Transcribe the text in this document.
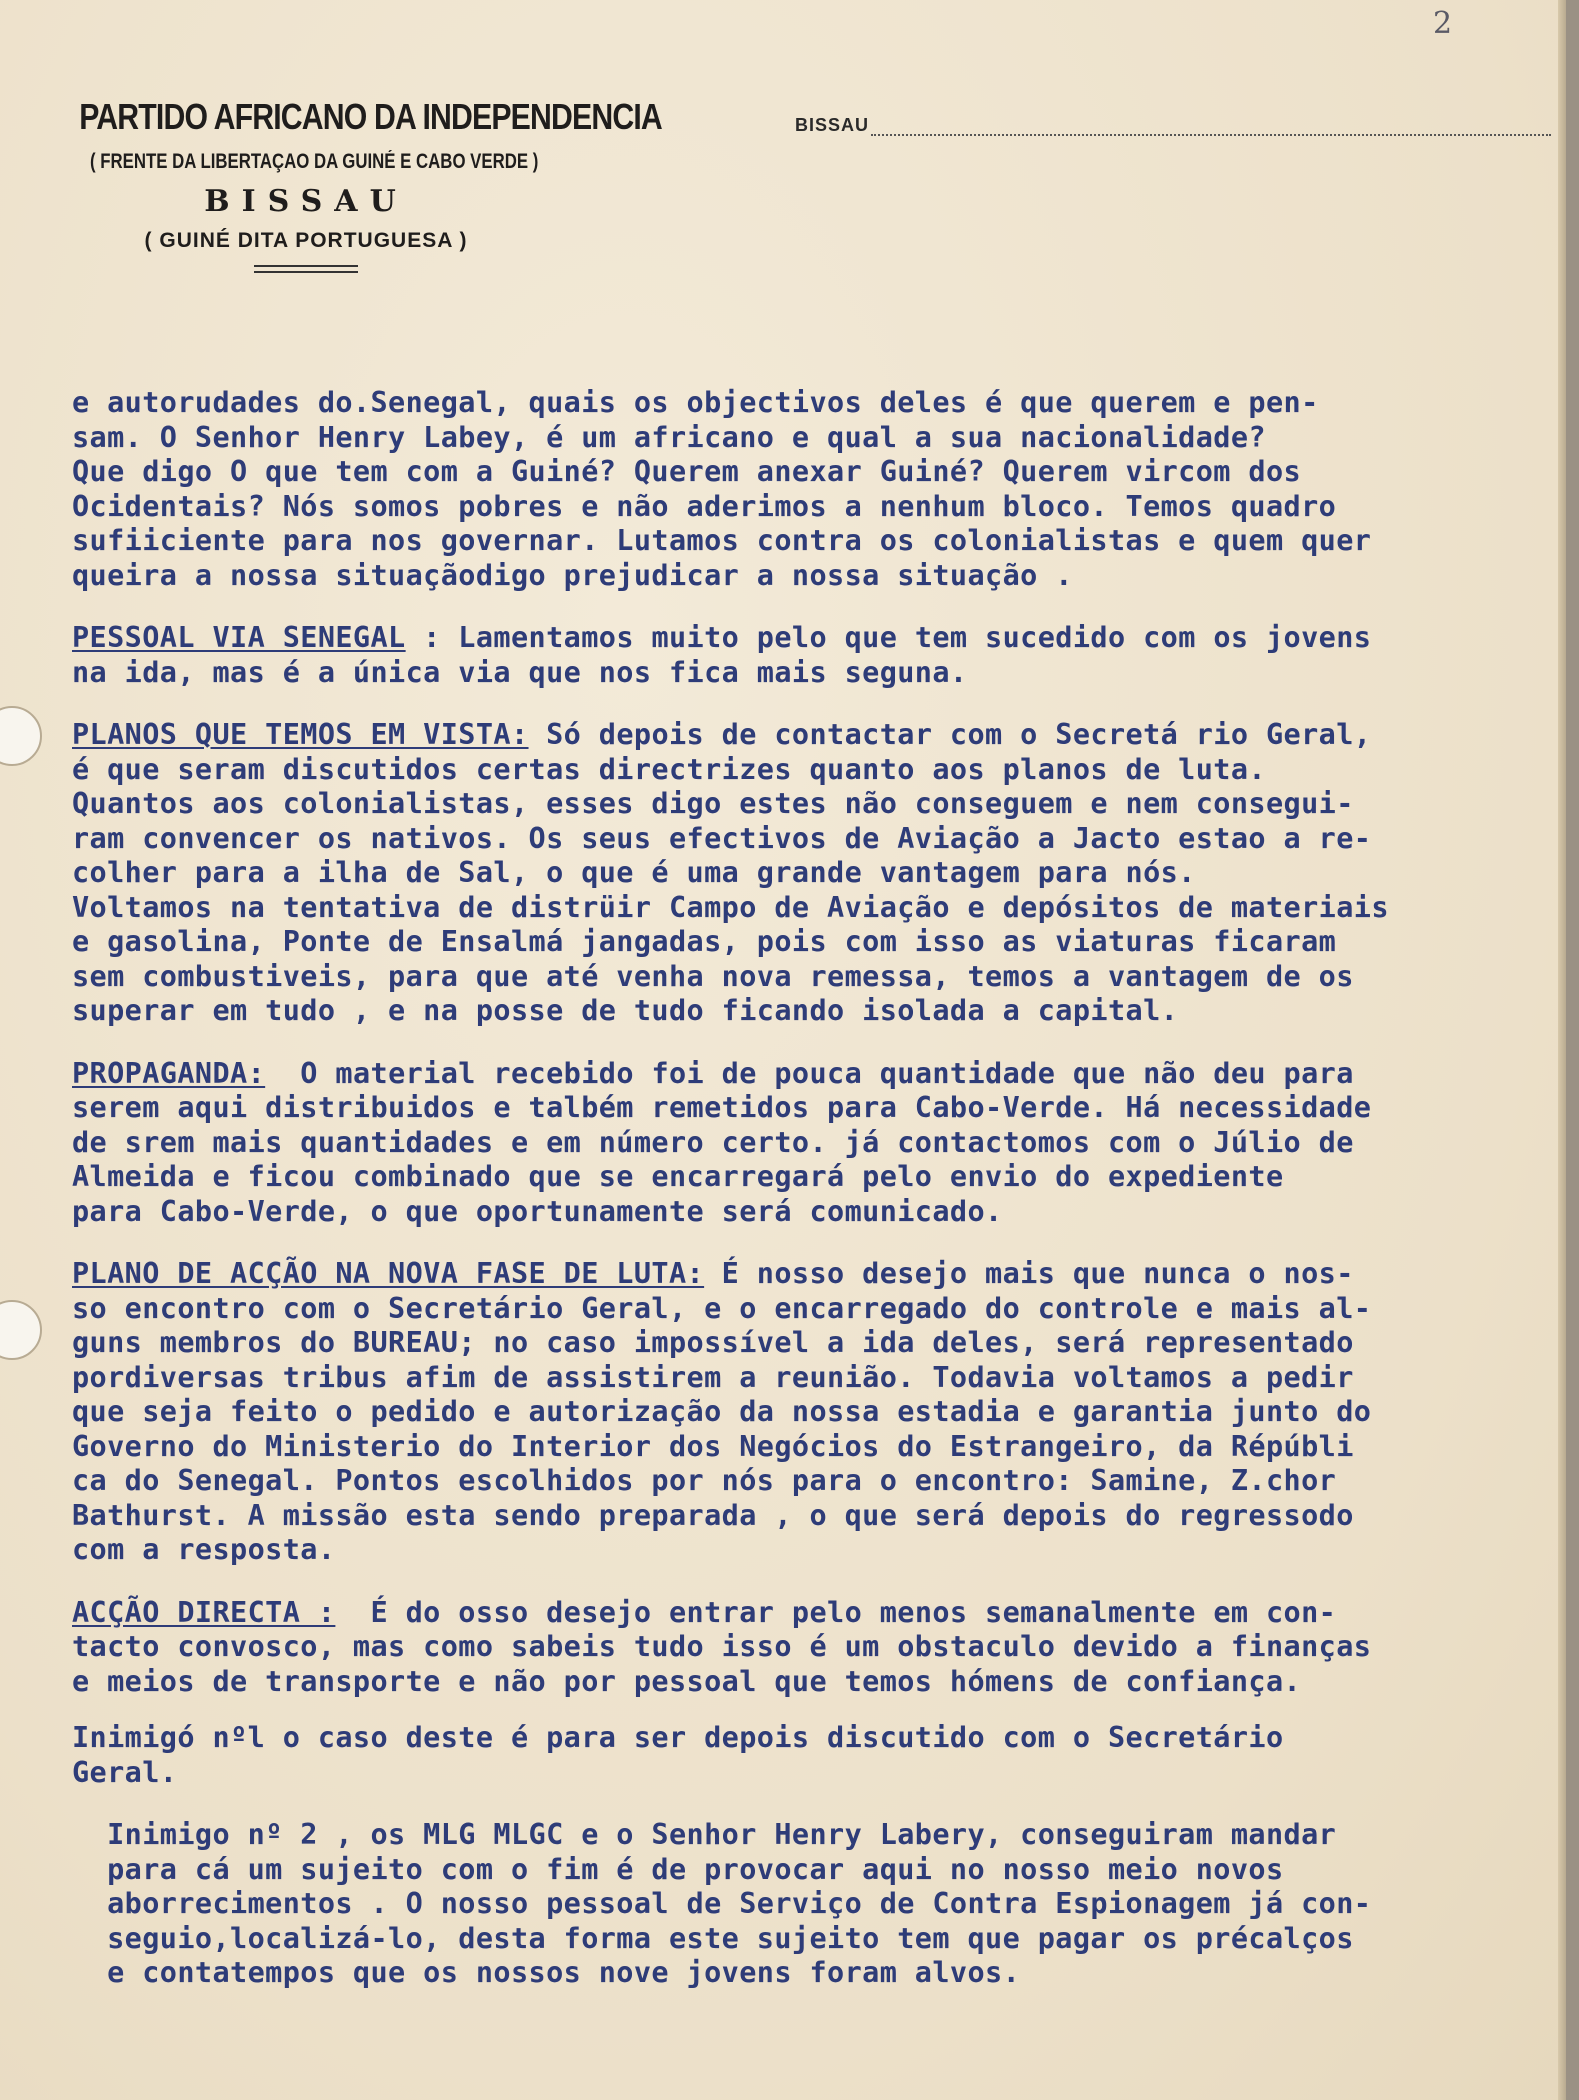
2
PARTIDO AFRICANO DA INDEPENDENCIA
( FRENTE DA LIBERTAÇAO DA GUINÉ E CABO VERDE )
BISSAU
( GUINÉ DITA PORTUGUESA )
BISSAU
e autorudades do.Senegal, quais os objectivos deles é que querem e pen-
sam. O Senhor Henry Labey, é um africano e qual a sua nacionalidade?
Que digo O que tem com a Guiné? Querem anexar Guiné? Querem vircom dos
Ocidentais? Nós somos pobres e não aderimos a nenhum bloco. Temos quadro
sufiiciente para nos governar. Lutamos contra os colonialistas e quem quer
queira a nossa situaçãodigo prejudicar a nossa situação .
PESSOAL VIA SENEGAL : Lamentamos muito pelo que tem sucedido com os jovens
na ida, mas é a única via que nos fica mais seguna.
PLANOS QUE TEMOS EM VISTA: Só depois de contactar com o Secretá rio Geral,
é que seram discutidos certas directrizes quanto aos planos de luta.
Quantos aos colonialistas, esses digo estes não conseguem e nem consegui-
ram convencer os nativos. Os seus efectivos de Aviação a Jacto estao a re-
colher para a ilha de Sal, o que é uma grande vantagem para nós.
Voltamos na tentativa de distrüir Campo de Aviação e depósitos de materiais
e gasolina, Ponte de Ensalmá jangadas, pois com isso as viaturas ficaram
sem combustiveis, para que até venha nova remessa, temos a vantagem de os
superar em tudo , e na posse de tudo ficando isolada a capital.
PROPAGANDA:  O material recebido foi de pouca quantidade que não deu para
serem aqui distribuidos e talbém remetidos para Cabo-Verde. Há necessidade
de srem mais quantidades e em número certo. já contactomos com o Júlio de
Almeida e ficou combinado que se encarregará pelo envio do expediente
para Cabo-Verde, o que oportunamente será comunicado.
PLANO DE ACÇÃO NA NOVA FASE DE LUTA: É nosso desejo mais que nunca o nos-
so encontro com o Secretário Geral, e o encarregado do controle e mais al-
guns membros do BUREAU; no caso impossível a ida deles, será representado
pordiversas tribus afim de assistirem a reunião. Todavia voltamos a pedir
que seja feito o pedido e autorização da nossa estadia e garantia junto do
Governo do Ministerio do Interior dos Negócios do Estrangeiro, da Répúbli
ca do Senegal. Pontos escolhidos por nós para o encontro: Samine, Z.chor
Bathurst. A missão esta sendo preparada , o que será depois do regressodo
com a resposta.
ACÇÃO DIRECTA :  É do osso desejo entrar pelo menos semanalmente em con-
tacto convosco, mas como sabeis tudo isso é um obstaculo devido a finanças
e meios de transporte e não por pessoal que temos hómens de confiança.
Inimigó nºl o caso deste é para ser depois discutido com o Secretário
Geral.
Inimigo nº 2 , os MLG MLGC e o Senhor Henry Labery, conseguiram mandar
para cá um sujeito com o fim é de provocar aqui no nosso meio novos
aborrecimentos . O nosso pessoal de Serviço de Contra Espionagem já con-
seguio,localizá-lo, desta forma este sujeito tem que pagar os précalços
e contatempos que os nossos nove jovens foram alvos.
